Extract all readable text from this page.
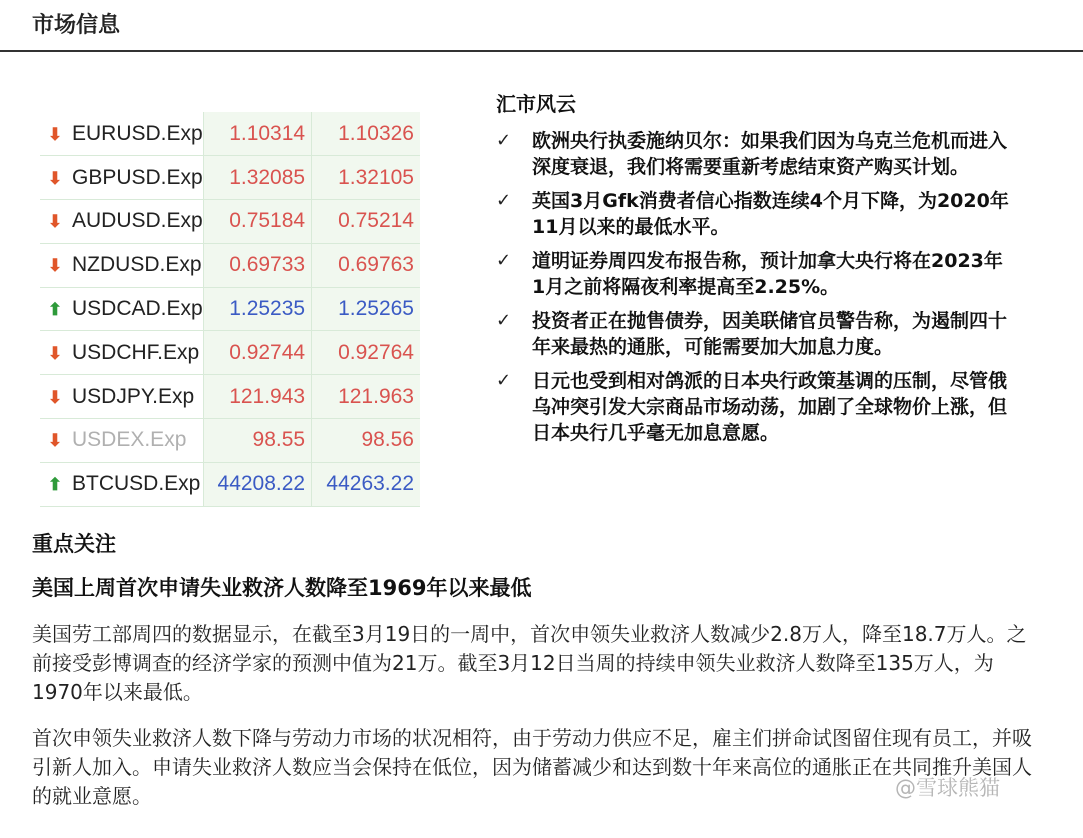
市场信息
⬇ EURUSD.Exp	1.10314	1.10326
⬇ GBPUSD.Exp	1.32085	1.32105
⬇ AUDUSD.Exp	0.75184	0.75214
⬇ NZDUSD.Exp	0.69733	0.69763
⬆ USDCAD.Exp	1.25235	1.25265
⬇ USDCHF.Exp	0.92744	0.92764
⬇ USDJPY.Exp	121.943	121.963
⬇ USDEX.Exp	98.55	98.56
⬆ BTCUSD.Exp	44208.22	44263.22
汇市风云
✓ 欧洲央行执委施纳贝尔：如果我们因为乌克兰危机而进入深度衰退，我们将需要重新考虑结束资产购买计划。
✓ 英国3月Gfk消费者信心指数连续4个月下降，为2020年11月以来的最低水平。
✓ 道明证券周四发布报告称，预计加拿大央行将在2023年1月之前将隔夜利率提高至2.25%。
✓ 投资者正在抛售债券，因美联储官员警告称，为遏制四十年来最热的通胀，可能需要加大加息力度。
✓ 日元也受到相对鸽派的日本央行政策基调的压制，尽管俄乌冲突引发大宗商品市场动荡，加剧了全球物价上涨，但日本央行几乎毫无加息意愿。
重点关注
美国上周首次申请失业救济人数降至1969年以来最低

美国劳工部周四的数据显示，在截至3月19日的一周中，首次申领失业救济人数减少2.8万人，降至18.7万人。之前接受彭博调查的经济学家的预测中值为21万。截至3月12日当周的持续申领失业救济人数降至135万人，为1970年以来最低。

首次申领失业救济人数下降与劳动力市场的状况相符，由于劳动力供应不足，雇主们拼命试图留住现有员工，并吸引新人加入。申请失业救济人数应当会保持在低位，因为储蓄减少和达到数十年来高位的通胀正在共同推升美国人的就业意愿。	@雪球熊猫
